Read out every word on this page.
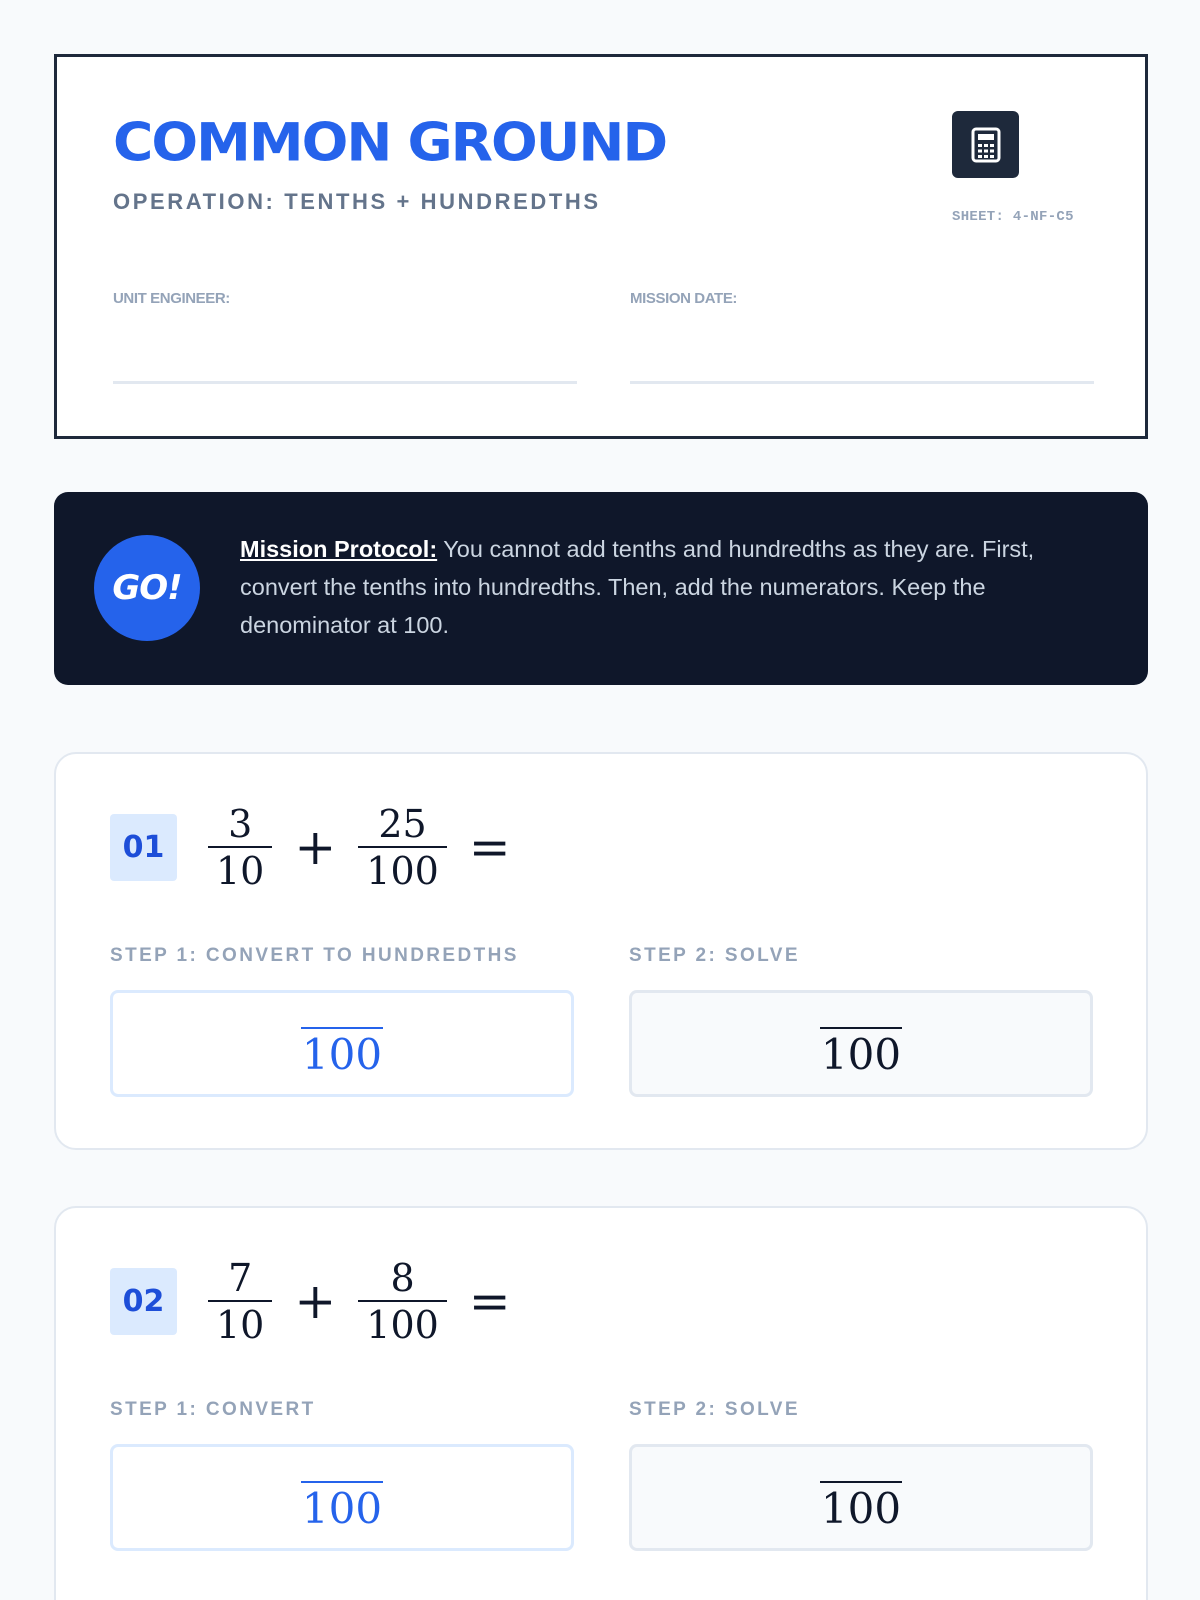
COMMON GROUND
OPERATION: TENTHS + HUNDREDTHS
SHEET: 4-NF-C5
UNIT ENGINEER:	MISSION DATE:
GO!
Mission Protocol: You cannot add tenths and hundredths as they are. First, convert the tenths into hundredths. Then, add the numerators. Keep the denominator at 100.
01	$\frac{3}{10} + \frac{25}{100}$ =
STEP 1: CONVERT TO HUNDREDTHS	STEP 2: SOLVE
100	100
02	$\frac{7}{10} + \frac{8}{100}$ =
STEP 1: CONVERT	STEP 2: SOLVE
100	100
